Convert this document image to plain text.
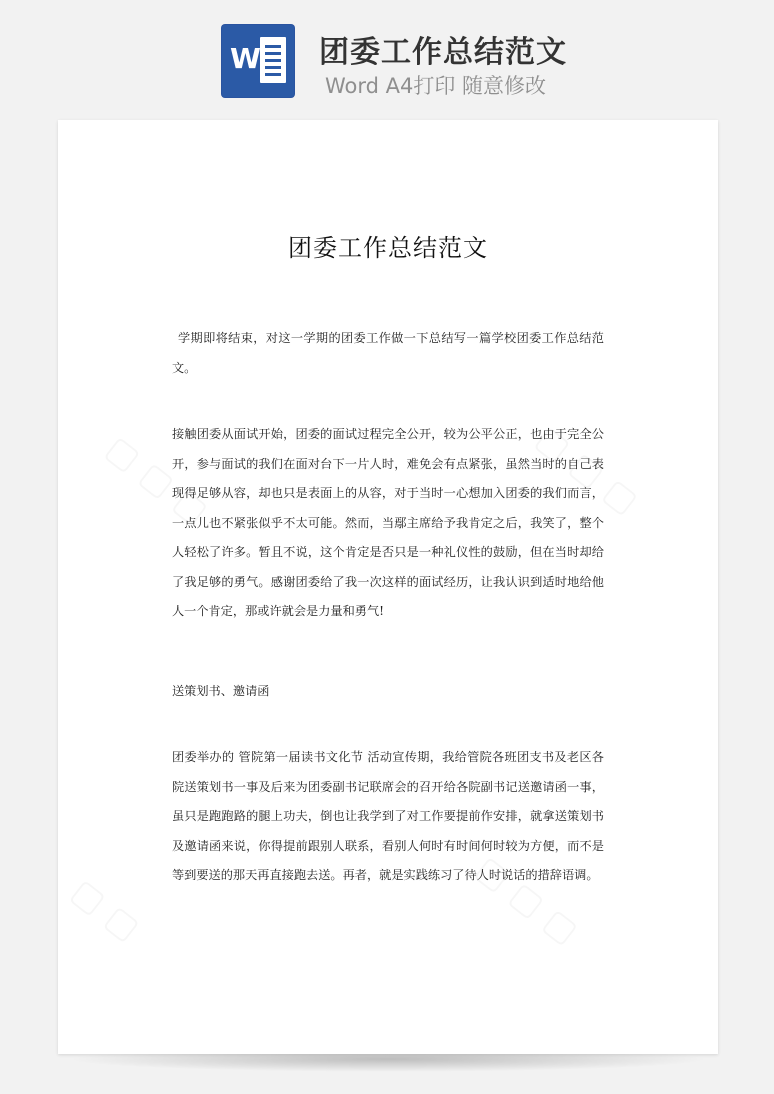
W 团委工作总结范文
Word A4打印 随意修改
团委工作总结范文
学期即将结束，对这一学期的团委工作做一下总结写一篇学校团委工作总结范文。
接触团委从面试开始，团委的面试过程完全公开，较为公平公正，也由于完全公开，参与面试的我们在面对台下一片人时，难免会有点紧张，虽然当时的自己表现得足够从容，却也只是表面上的从容，对于当时一心想加入团委的我们而言，一点儿也不紧张似乎不太可能。然而，当鄢主席给予我肯定之后，我笑了，整个人轻松了许多。暂且不说，这个肯定是否只是一种礼仪性的鼓励，但在当时却给了我足够的勇气。感谢团委给了我一次这样的面试经历，让我认识到适时地给他人一个肯定，那或许就会是力量和勇气!
送策划书、邀请函
团委举办的 管院第一届读书文化节 活动宣传期，我给管院各班团支书及老区各院送策划书一事及后来为团委副书记联席会的召开给各院副书记送邀请函一事，虽只是跑跑路的腿上功夫，倒也让我学到了对工作要提前作安排，就拿送策划书及邀请函来说，你得提前跟别人联系，看别人何时有时间何时较为方便，而不是等到要送的那天再直接跑去送。再者，就是实践练习了待人时说话的措辞语调。
